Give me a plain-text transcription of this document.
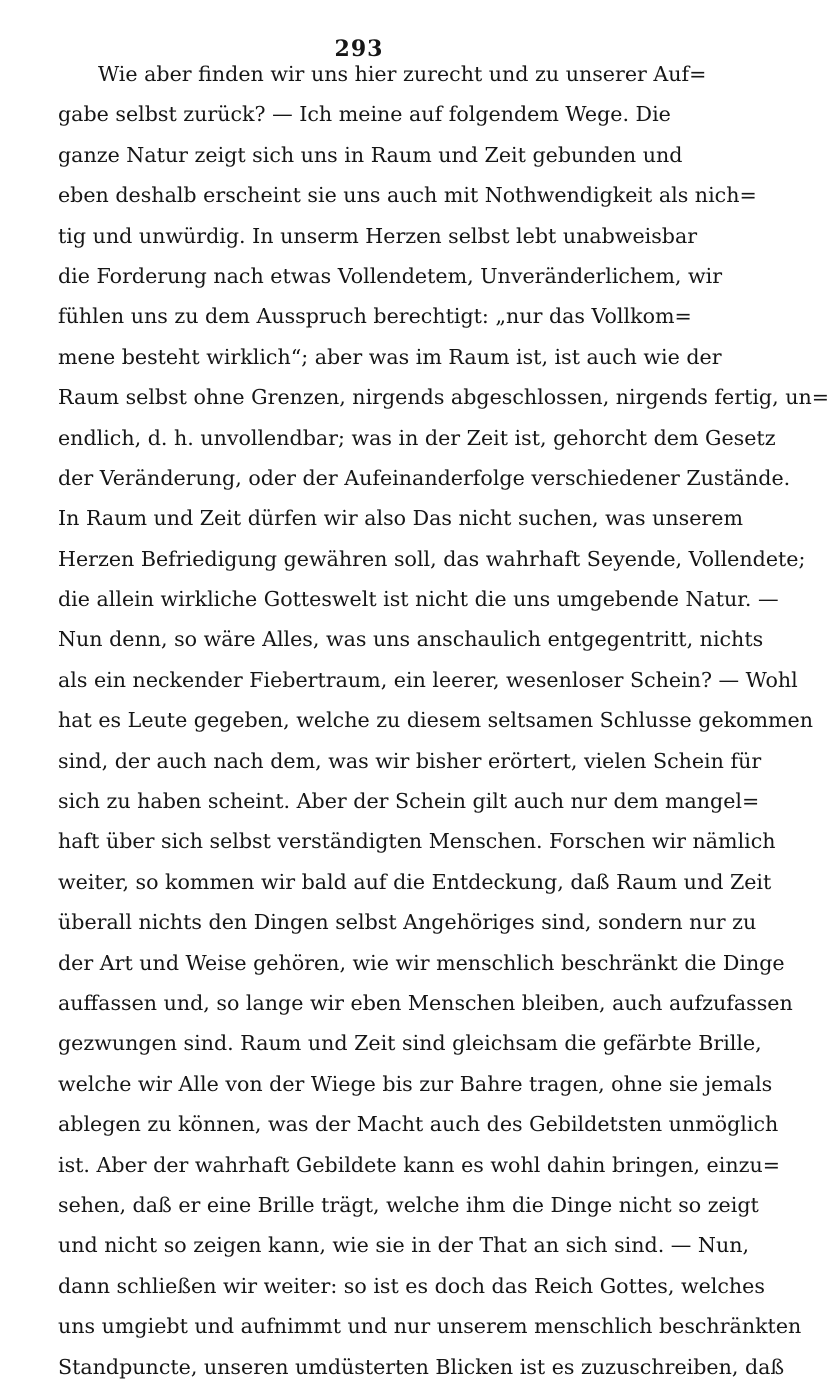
293
Wie aber finden wir uns hier zurecht und zu unserer Auf=
gabe selbst zurück? — Ich meine auf folgendem Wege. Die
ganze Natur zeigt sich uns in Raum und Zeit gebunden und
eben deshalb erscheint sie uns auch mit Nothwendigkeit als nich=
tig und unwürdig. In unserm Herzen selbst lebt unabweisbar
die Forderung nach etwas Vollendetem, Unveränderlichem, wir
fühlen uns zu dem Ausspruch berechtigt: „nur das Vollkom=
mene besteht wirklich“; aber was im Raum ist, ist auch wie der
Raum selbst ohne Grenzen, nirgends abgeschlossen, nirgends fertig, un=
endlich, d. h. unvollendbar; was in der Zeit ist, gehorcht dem Gesetz
der Veränderung, oder der Aufeinanderfolge verschiedener Zustände.
In Raum und Zeit dürfen wir also Das nicht suchen, was unserem
Herzen Befriedigung gewähren soll, das wahrhaft Seyende, Vollendete;
die allein wirkliche Gotteswelt ist nicht die uns umgebende Natur. —
Nun denn, so wäre Alles, was uns anschaulich entgegentritt, nichts
als ein neckender Fiebertraum, ein leerer, wesenloser Schein? — Wohl
hat es Leute gegeben, welche zu diesem seltsamen Schlusse gekommen
sind, der auch nach dem, was wir bisher erörtert, vielen Schein für
sich zu haben scheint. Aber der Schein gilt auch nur dem mangel=
haft über sich selbst verständigten Menschen. Forschen wir nämlich
weiter, so kommen wir bald auf die Entdeckung, daß Raum und Zeit
überall nichts den Dingen selbst Angehöriges sind, sondern nur zu
der Art und Weise gehören, wie wir menschlich beschränkt die Dinge
auffassen und, so lange wir eben Menschen bleiben, auch aufzufassen
gezwungen sind. Raum und Zeit sind gleichsam die gefärbte Brille,
welche wir Alle von der Wiege bis zur Bahre tragen, ohne sie jemals
ablegen zu können, was der Macht auch des Gebildetsten unmöglich
ist. Aber der wahrhaft Gebildete kann es wohl dahin bringen, einzu=
sehen, daß er eine Brille trägt, welche ihm die Dinge nicht so zeigt
und nicht so zeigen kann, wie sie in der That an sich sind. — Nun,
dann schließen wir weiter: so ist es doch das Reich Gottes, welches
uns umgiebt und aufnimmt und nur unserem menschlich beschränkten
Standpuncte, unseren umdüsterten Blicken ist es zuzuschreiben, daß
